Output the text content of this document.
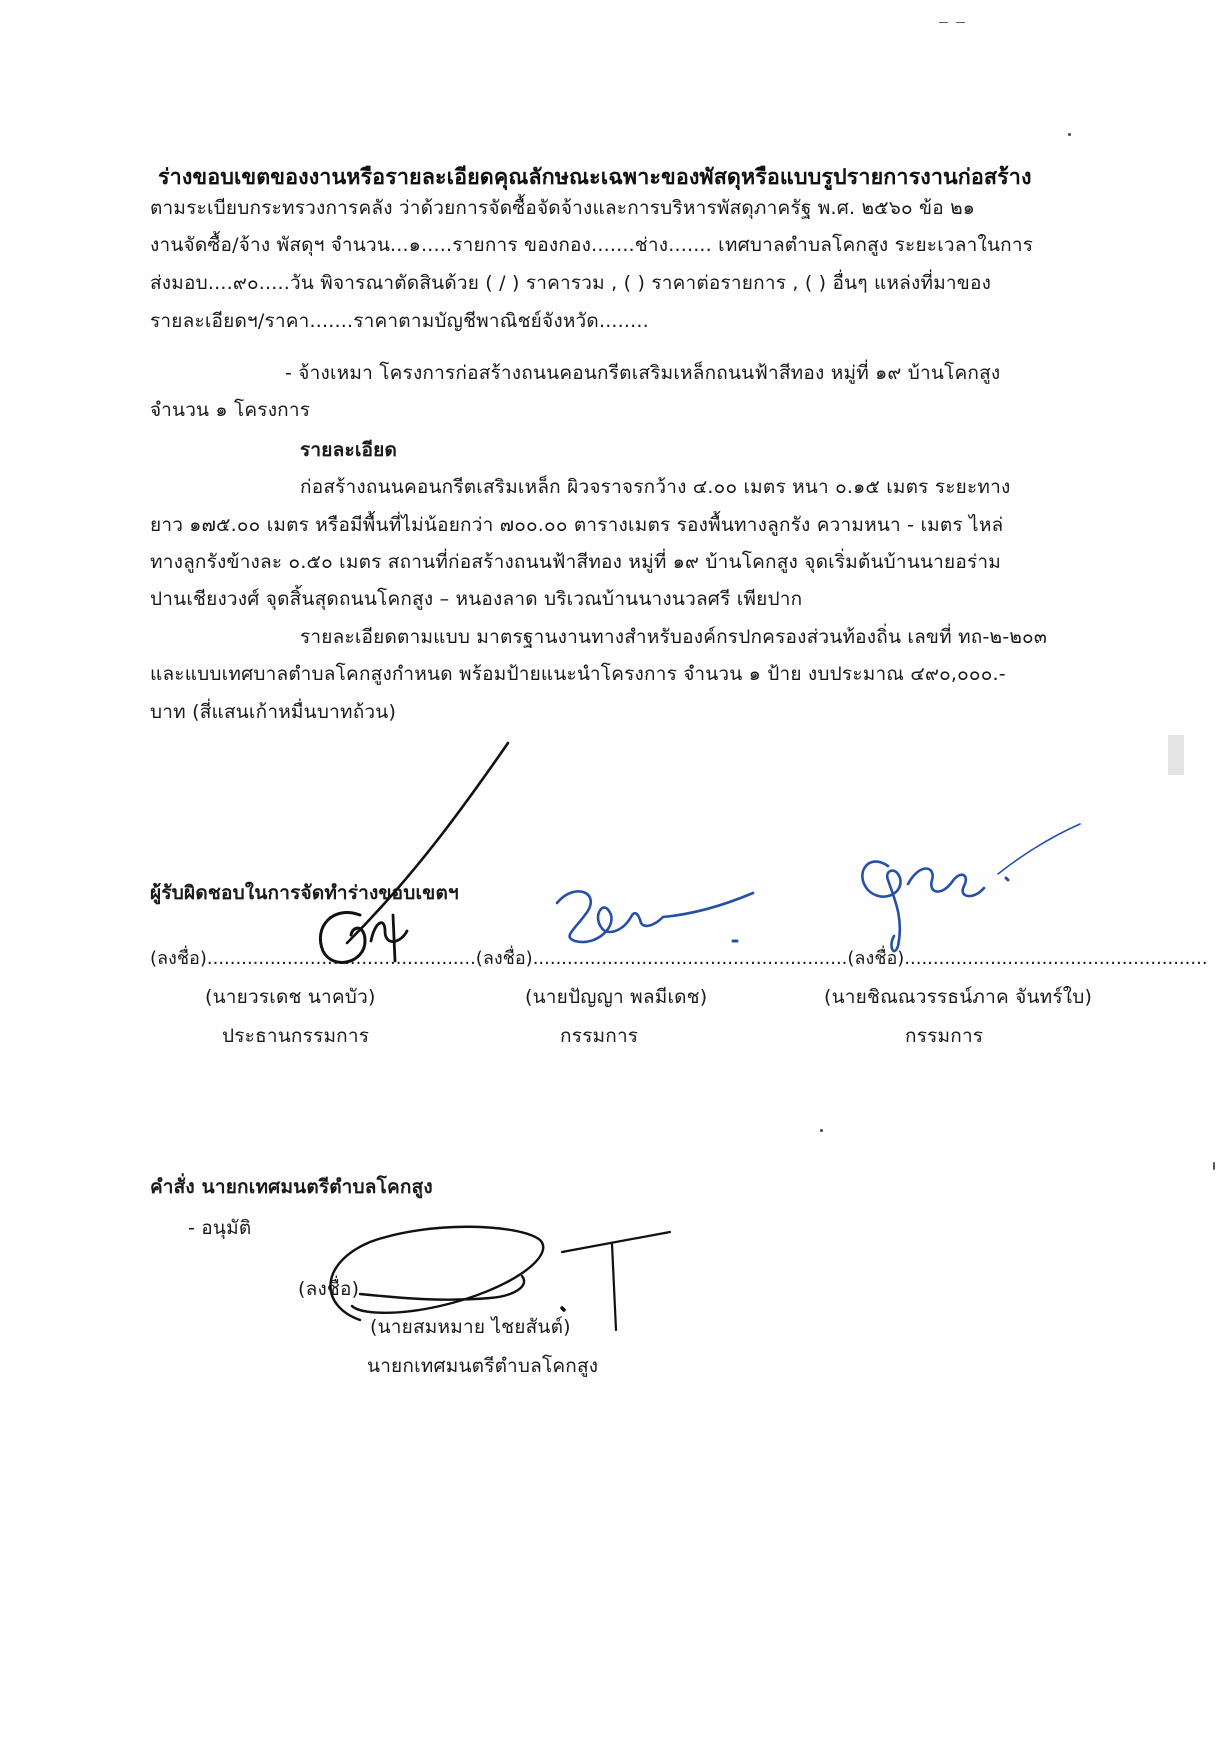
ร่างขอบเขตของงานหรือรายละเอียดคุณลักษณะเฉพาะของพัสดุหรือแบบรูปรายการงานก่อสร้าง
ตามระเบียบกระทรวงการคลัง ว่าด้วยการจัดซื้อจัดจ้างและการบริหารพัสดุภาครัฐ พ.ศ. ๒๕๖๐ ข้อ ๒๑
งานจัดซื้อ/จ้าง พัสดุฯ จำนวน...๑.....รายการ ของกอง.......ช่าง....... เทศบาลตำบลโคกสูง ระยะเวลาในการ
ส่งมอบ....๙๐.....วัน พิจารณาตัดสินด้วย ( / ) ราคารวม , ( ) ราคาต่อรายการ , ( ) อื่นๆ แหล่งที่มาของ
รายละเอียดฯ/ราคา.......ราคาตามบัญชีพาณิชย์จังหวัด........
- จ้างเหมา โครงการก่อสร้างถนนคอนกรีตเสริมเหล็กถนนฟ้าสีทอง หมู่ที่ ๑๙ บ้านโคกสูง
จำนวน ๑ โครงการ
รายละเอียด
ก่อสร้างถนนคอนกรีตเสริมเหล็ก ผิวจราจรกว้าง ๔.๐๐ เมตร หนา ๐.๑๕ เมตร ระยะทาง
ยาว ๑๗๕.๐๐ เมตร หรือมีพื้นที่ไม่น้อยกว่า ๗๐๐.๐๐ ตารางเมตร รองพื้นทางลูกรัง ความหนา - เมตร ไหล่
ทางลูกรังข้างละ ๐.๕๐ เมตร สถานที่ก่อสร้างถนนฟ้าสีทอง หมู่ที่ ๑๙ บ้านโคกสูง จุดเริ่มต้นบ้านนายอร่าม
ปานเชียงวงศ์ จุดสิ้นสุดถนนโคกสูง – หนองลาด บริเวณบ้านนางนวลศรี เพียปาก
รายละเอียดตามแบบ มาตรฐานงานทางสำหรับองค์กรปกครองส่วนท้องถิ่น เลขที่ ทถ-๒-๒๐๓
และแบบเทศบาลตำบลโคกสูงกำหนด พร้อมป้ายแนะนำโครงการ จำนวน ๑ ป้าย งบประมาณ ๔๙๐,๐๐๐.-
บาท (สี่แสนเก้าหมื่นบาทถ้วน)
ผู้รับผิดชอบในการจัดทำร่างขอบเขตฯ
(ลงชื่อ)...............................................(ลงชื่อ).......................................................(ลงชื่อ).....................................................
(นายวรเดช นาคบัว)
ประธานกรรมการ
(นายปัญญา พลมีเดช)
กรรมการ
(นายชิณณวรรธน์ภาค จันทร์ใบ)
กรรมการ
คำสั่ง นายกเทศมนตรีตำบลโคกสูง
- อนุมัติ
(ลงชื่อ)
(นายสมหมาย ไชยสันต์)
นายกเทศมนตรีตำบลโคกสูง
